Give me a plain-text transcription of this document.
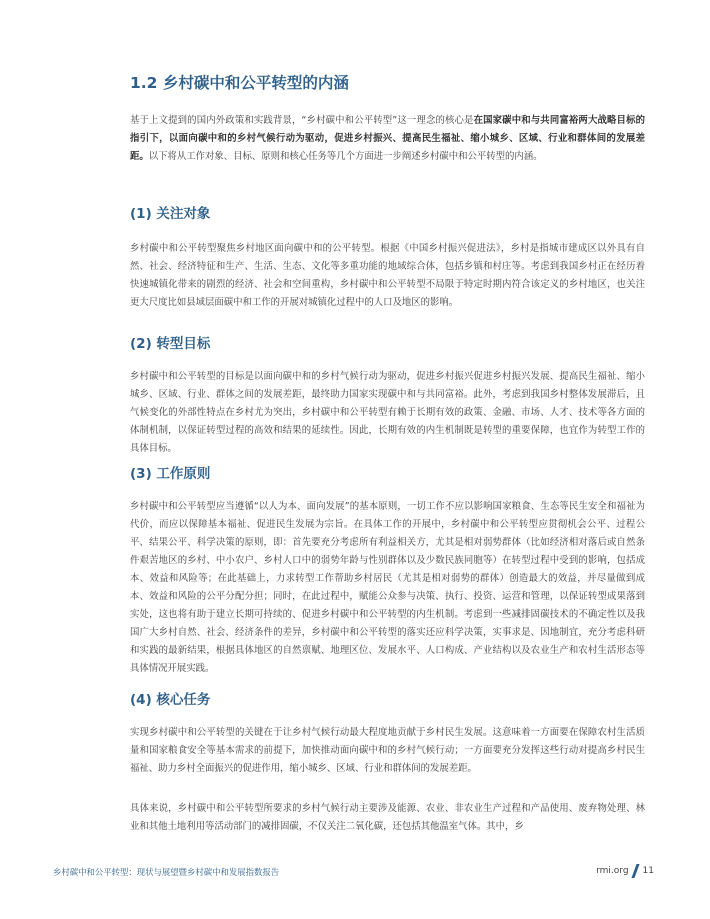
1.2 乡村碳中和公平转型的内涵

基于上文提到的国内外政策和实践背景，“乡村碳中和公平转型”这一理念的核心是在国家碳中和与共同富裕两大战略目标的指引下，以面向碳中和的乡村气候行动为驱动，促进乡村振兴、提高民生福祉、缩小城乡、区域、行业和群体间的发展差距。以下将从工作对象、目标、原则和核心任务等几个方面进一步阐述乡村碳中和公平转型的内涵。

(1) 关注对象

乡村碳中和公平转型聚焦乡村地区面向碳中和的公平转型。根据《中国乡村振兴促进法》，乡村是指城市建成区以外具有自然、社会、经济特征和生产、生活、生态、文化等多重功能的地域综合体，包括乡镇和村庄等。考虑到我国乡村正在经历着快速城镇化带来的剧烈的经济、社会和空间重构，乡村碳中和公平转型不局限于特定时期内符合该定义的乡村地区，也关注更大尺度比如县域层面碳中和工作的开展对城镇化过程中的人口及地区的影响。

(2) 转型目标

乡村碳中和公平转型的目标是以面向碳中和的乡村气候行动为驱动，促进乡村振兴促进乡村振兴发展、提高民生福祉、缩小城乡、区域、行业、群体之间的发展差距，最终助力国家实现碳中和与共同富裕。此外，考虑到我国乡村整体发展滞后，且气候变化的外部性特点在乡村尤为突出，乡村碳中和公平转型有赖于长期有效的政策、金融、市场、人才、技术等各方面的体制机制，以保证转型过程的高效和结果的延续性。因此，长期有效的内生机制既是转型的重要保障，也宜作为转型工作的具体目标。

(3) 工作原则

乡村碳中和公平转型应当遵循“以人为本、面向发展”的基本原则，一切工作不应以影响国家粮食、生态等民生安全和福祉为代价，而应以保障基本福祉、促进民生发展为宗旨。在具体工作的开展中，乡村碳中和公平转型应贯彻机会公平、过程公平、结果公平、科学决策的原则，即：首先要充分考虑所有利益相关方，尤其是相对弱势群体（比如经济相对落后或自然条件艰苦地区的乡村、中小农户、乡村人口中的弱势年龄与性别群体以及少数民族同胞等）在转型过程中受到的影响，包括成本、效益和风险等；在此基础上，力求转型工作帮助乡村居民（尤其是相对弱势的群体）创造最大的效益，并尽量做到成本、效益和风险的公平分配分担；同时，在此过程中，赋能公众参与决策、执行、投资、运营和管理，以保证转型成果落到实处，这也将有助于建立长期可持续的、促进乡村碳中和公平转型的内生机制。考虑到一些减排固碳技术的不确定性以及我国广大乡村自然、社会、经济条件的差异，乡村碳中和公平转型的落实还应科学决策，实事求是、因地制宜，充分考虑科研和实践的最新结果，根据具体地区的自然禀赋、地理区位、发展水平、人口构成、产业结构以及农业生产和农村生活形态等具体情况开展实践。

(4) 核心任务

实现乡村碳中和公平转型的关键在于让乡村气候行动最大程度地贡献于乡村民生发展。这意味着一方面要在保障农村生活质量和国家粮食安全等基本需求的前提下，加快推动面向碳中和的乡村气候行动；一方面要充分发挥这些行动对提高乡村民生福祉、助力乡村全面振兴的促进作用，缩小城乡、区域、行业和群体间的发展差距。

具体来说，乡村碳中和公平转型所要求的乡村气候行动主要涉及能源、农业、非农业生产过程和产品使用、废弃物处理、林业和其他土地利用等活动部门的减排固碳，不仅关注二氧化碳，还包括其他温室气体。其中，乡

乡村碳中和公平转型：现状与展望暨乡村碳中和发展指数报告	rmi.org 11
